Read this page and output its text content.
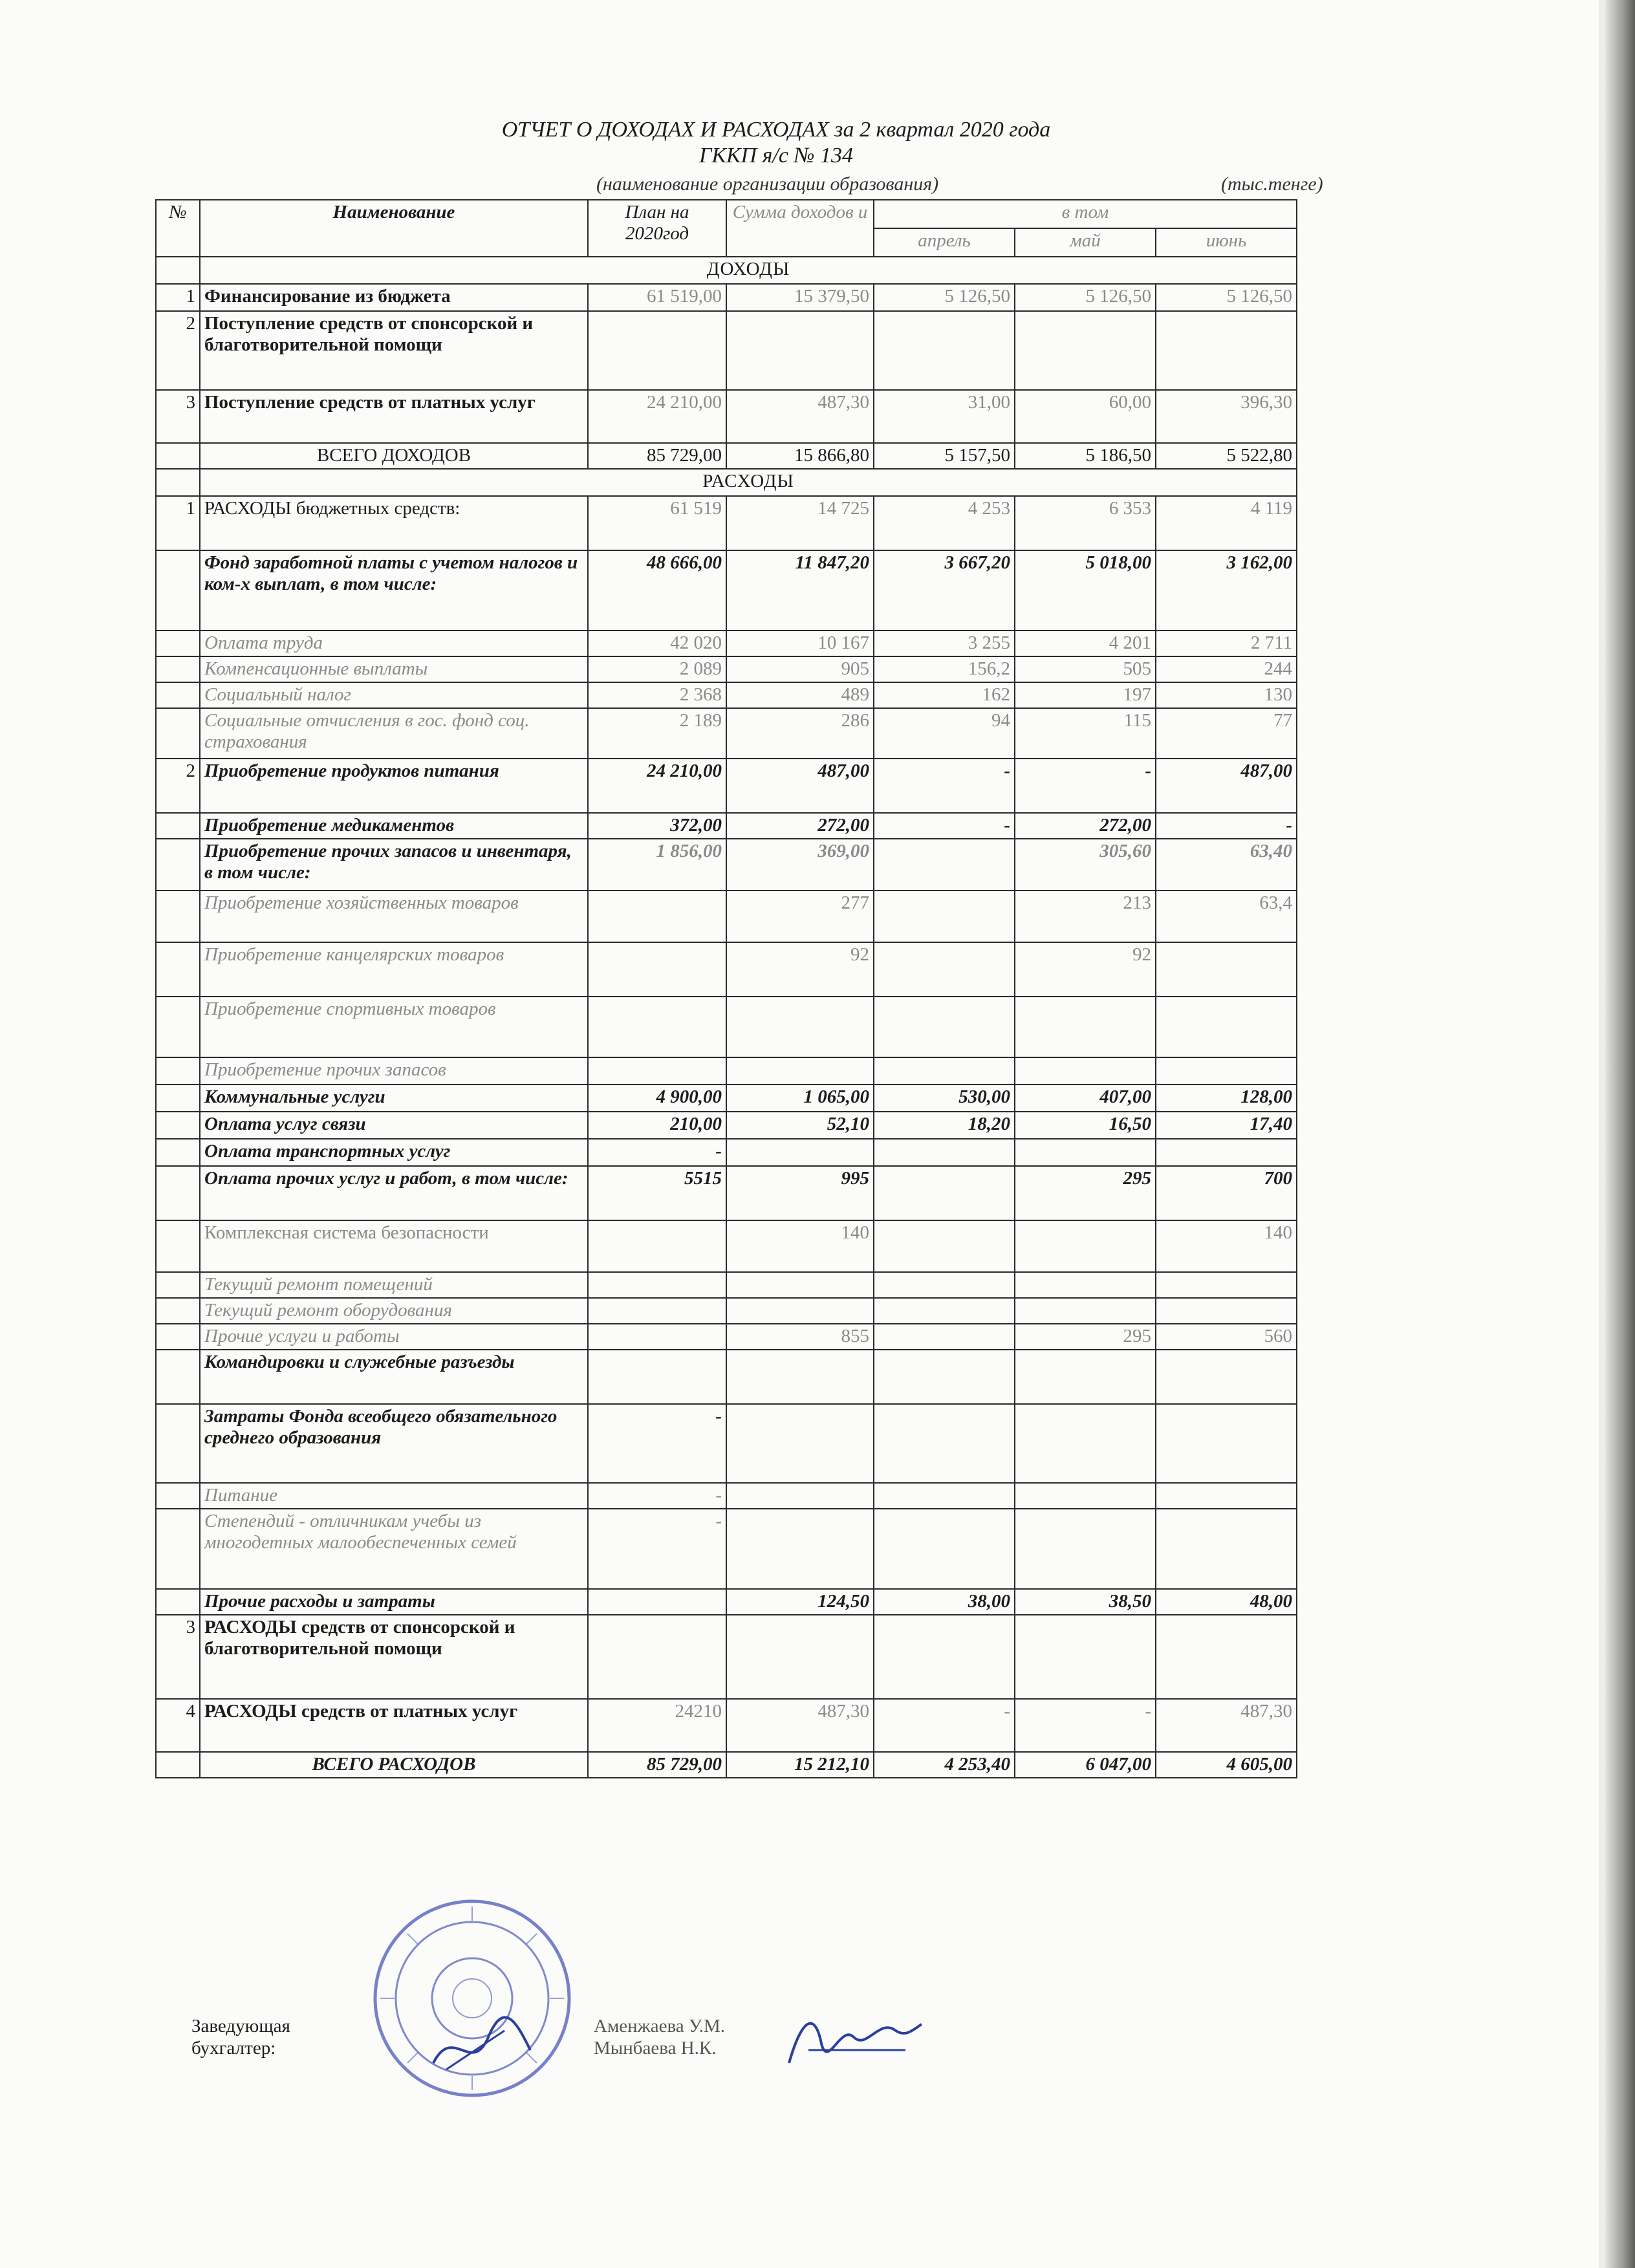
ОТЧЕТ О ДОХОДАХ И РАСХОДАХ за 2 квартал 2020 года
ГККП я/с № 134
(наименование организации образования)	(тыс.тенге)
№	Наименование	План на 2020год	Сумма доходов и	в том		
				апрель	май	июнь
	ДОХОДЫ					
1	Финансирование из бюджета	61 519,00	15 379,50	5 126,50	5 126,50	5 126,50
2	Поступление средств от спонсорской и благотворительной помощи					
3	Поступление средств от платных услуг	24 210,00	487,30	31,00	60,00	396,30
	ВСЕГО ДОХОДОВ	85 729,00	15 866,80	5 157,50	5 186,50	5 522,80
	РАСХОДЫ					
1	РАСХОДЫ бюджетных средств:	61 519	14 725	4 253	6 353	4 119
	Фонд заработной платы с учетом налогов и ком-х выплат, в том числе:	48 666,00	11 847,20	3 667,20	5 018,00	3 162,00
	Оплата труда	42 020	10 167	3 255	4 201	2 711
	Компенсационные выплаты	2 089	905	156,2	505	244
	Социальный налог	2 368	489	162	197	130
	Социальные отчисления в гос. фонд соц. страхования	2 189	286	94	115	77
2	Приобретение продуктов питания	24 210,00	487,00	-	-	487,00
	Приобретение медикаментов	372,00	272,00	-	272,00	-
	Приобретение прочих запасов и инвентаря, в том числе:	1 856,00	369,00		305,60	63,40
	Приобретение хозяйственных товаров		277		213	63,4
	Приобретение канцелярских товаров		92		92	
	Приобретение спортивных товаров					
	Приобретение прочих запасов					
	Коммунальные услуги	4 900,00	1 065,00	530,00	407,00	128,00
	Оплата услуг связи	210,00	52,10	18,20	16,50	17,40
	Оплата транспортных услуг	-				
	Оплата прочих услуг и работ, в том числе:	5515	995		295	700
	Комплексная система безопасности		140			140
	Текущий ремонт помещений					
	Текущий ремонт оборудования					
	Прочие услуги и работы		855		295	560
	Командировки и служебные разъезды					
	Затраты Фонда всеобщего обязательного среднего образования	-				
	Питание	-				
	Степендий - отличникам учебы из многодетных малообеспеченных семей	-				
	Прочие расходы и затраты		124,50	38,00	38,50	48,00
3	РАСХОДЫ средств от спонсорской и благотворительной помощи					
4	РАСХОДЫ средств от платных услуг	24210	487,30	-	-	487,30
	ВСЕГО РАСХОДОВ	85 729,00	15 212,10	4 253,40	6 047,00	4 605,00
Заведующая
бухгалтер:
Аменжаева У.М.
Мынбаева Н.К.
